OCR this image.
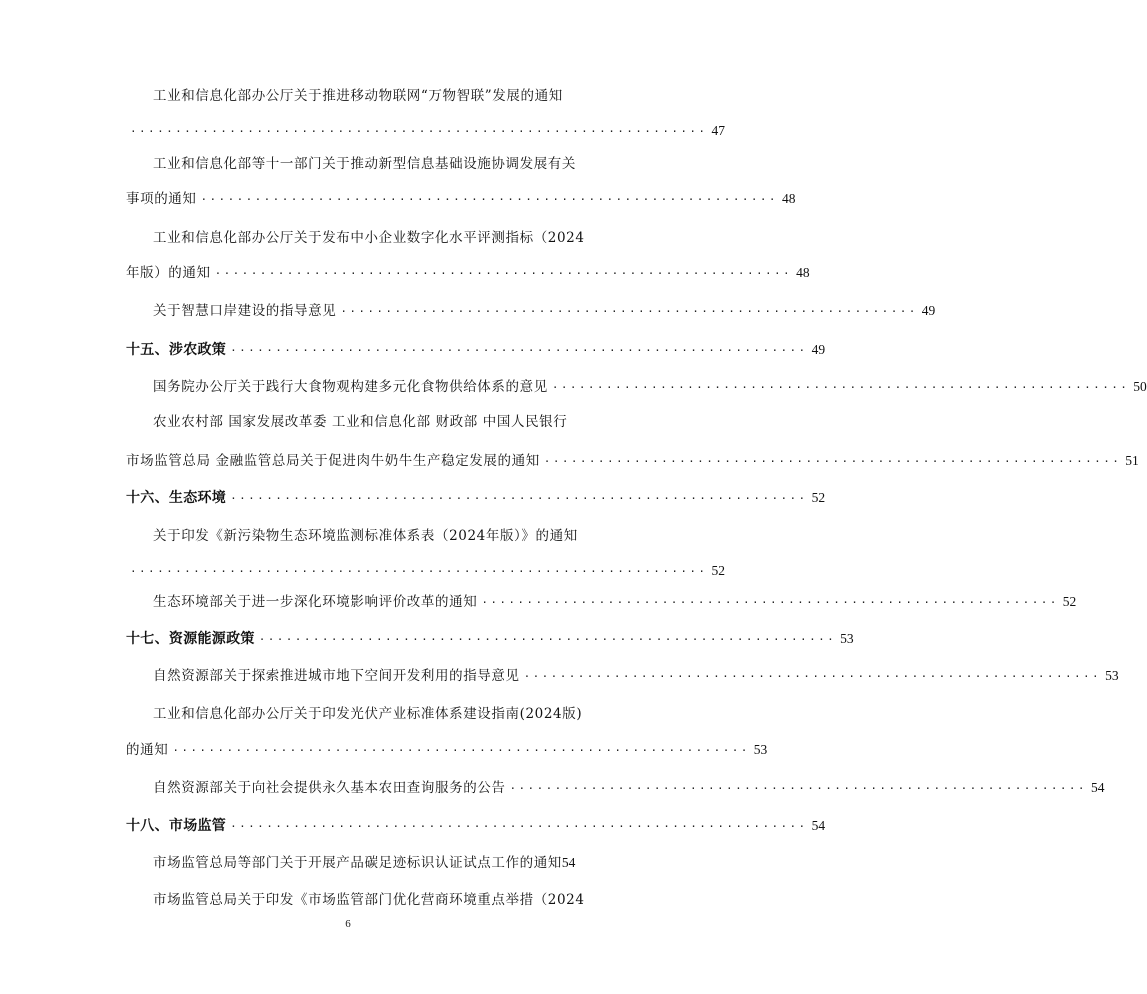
工业和信息化部办公厅关于推进移动物联网“万物智联”发展的通知
································································ 47
工业和信息化部等十一部门关于推动新型信息基础设施协调发展有关
事项的通知 ································································ 48
工业和信息化部办公厅关于发布中小企业数字化水平评测指标（2024
年版）的通知 ································································ 48
关于智慧口岸建设的指导意见 ································································ 49
十五、涉农政策 ································································ 49
国务院办公厅关于践行大食物观构建多元化食物供给体系的意见 ································································ 50
农业农村部 国家发展改革委 工业和信息化部 财政部 中国人民银行
市场监管总局 金融监管总局关于促进肉牛奶牛生产稳定发展的通知 ································································ 51
十六、生态环境 ································································ 52
关于印发《新污染物生态环境监测标准体系表（2024年版）》的通知
································································ 52
生态环境部关于进一步深化环境影响评价改革的通知 ································································ 52
十七、资源能源政策 ································································ 53
自然资源部关于探索推进城市地下空间开发利用的指导意见 ································································ 53
工业和信息化部办公厅关于印发光伏产业标准体系建设指南(2024版)
的通知 ································································ 53
自然资源部关于向社会提供永久基本农田查询服务的公告 ································································ 54
十八、市场监管 ································································ 54
市场监管总局等部门关于开展产品碳足迹标识认证试点工作的通知 54
市场监管总局关于印发《市场监管部门优化营商环境重点举措（2024
6
